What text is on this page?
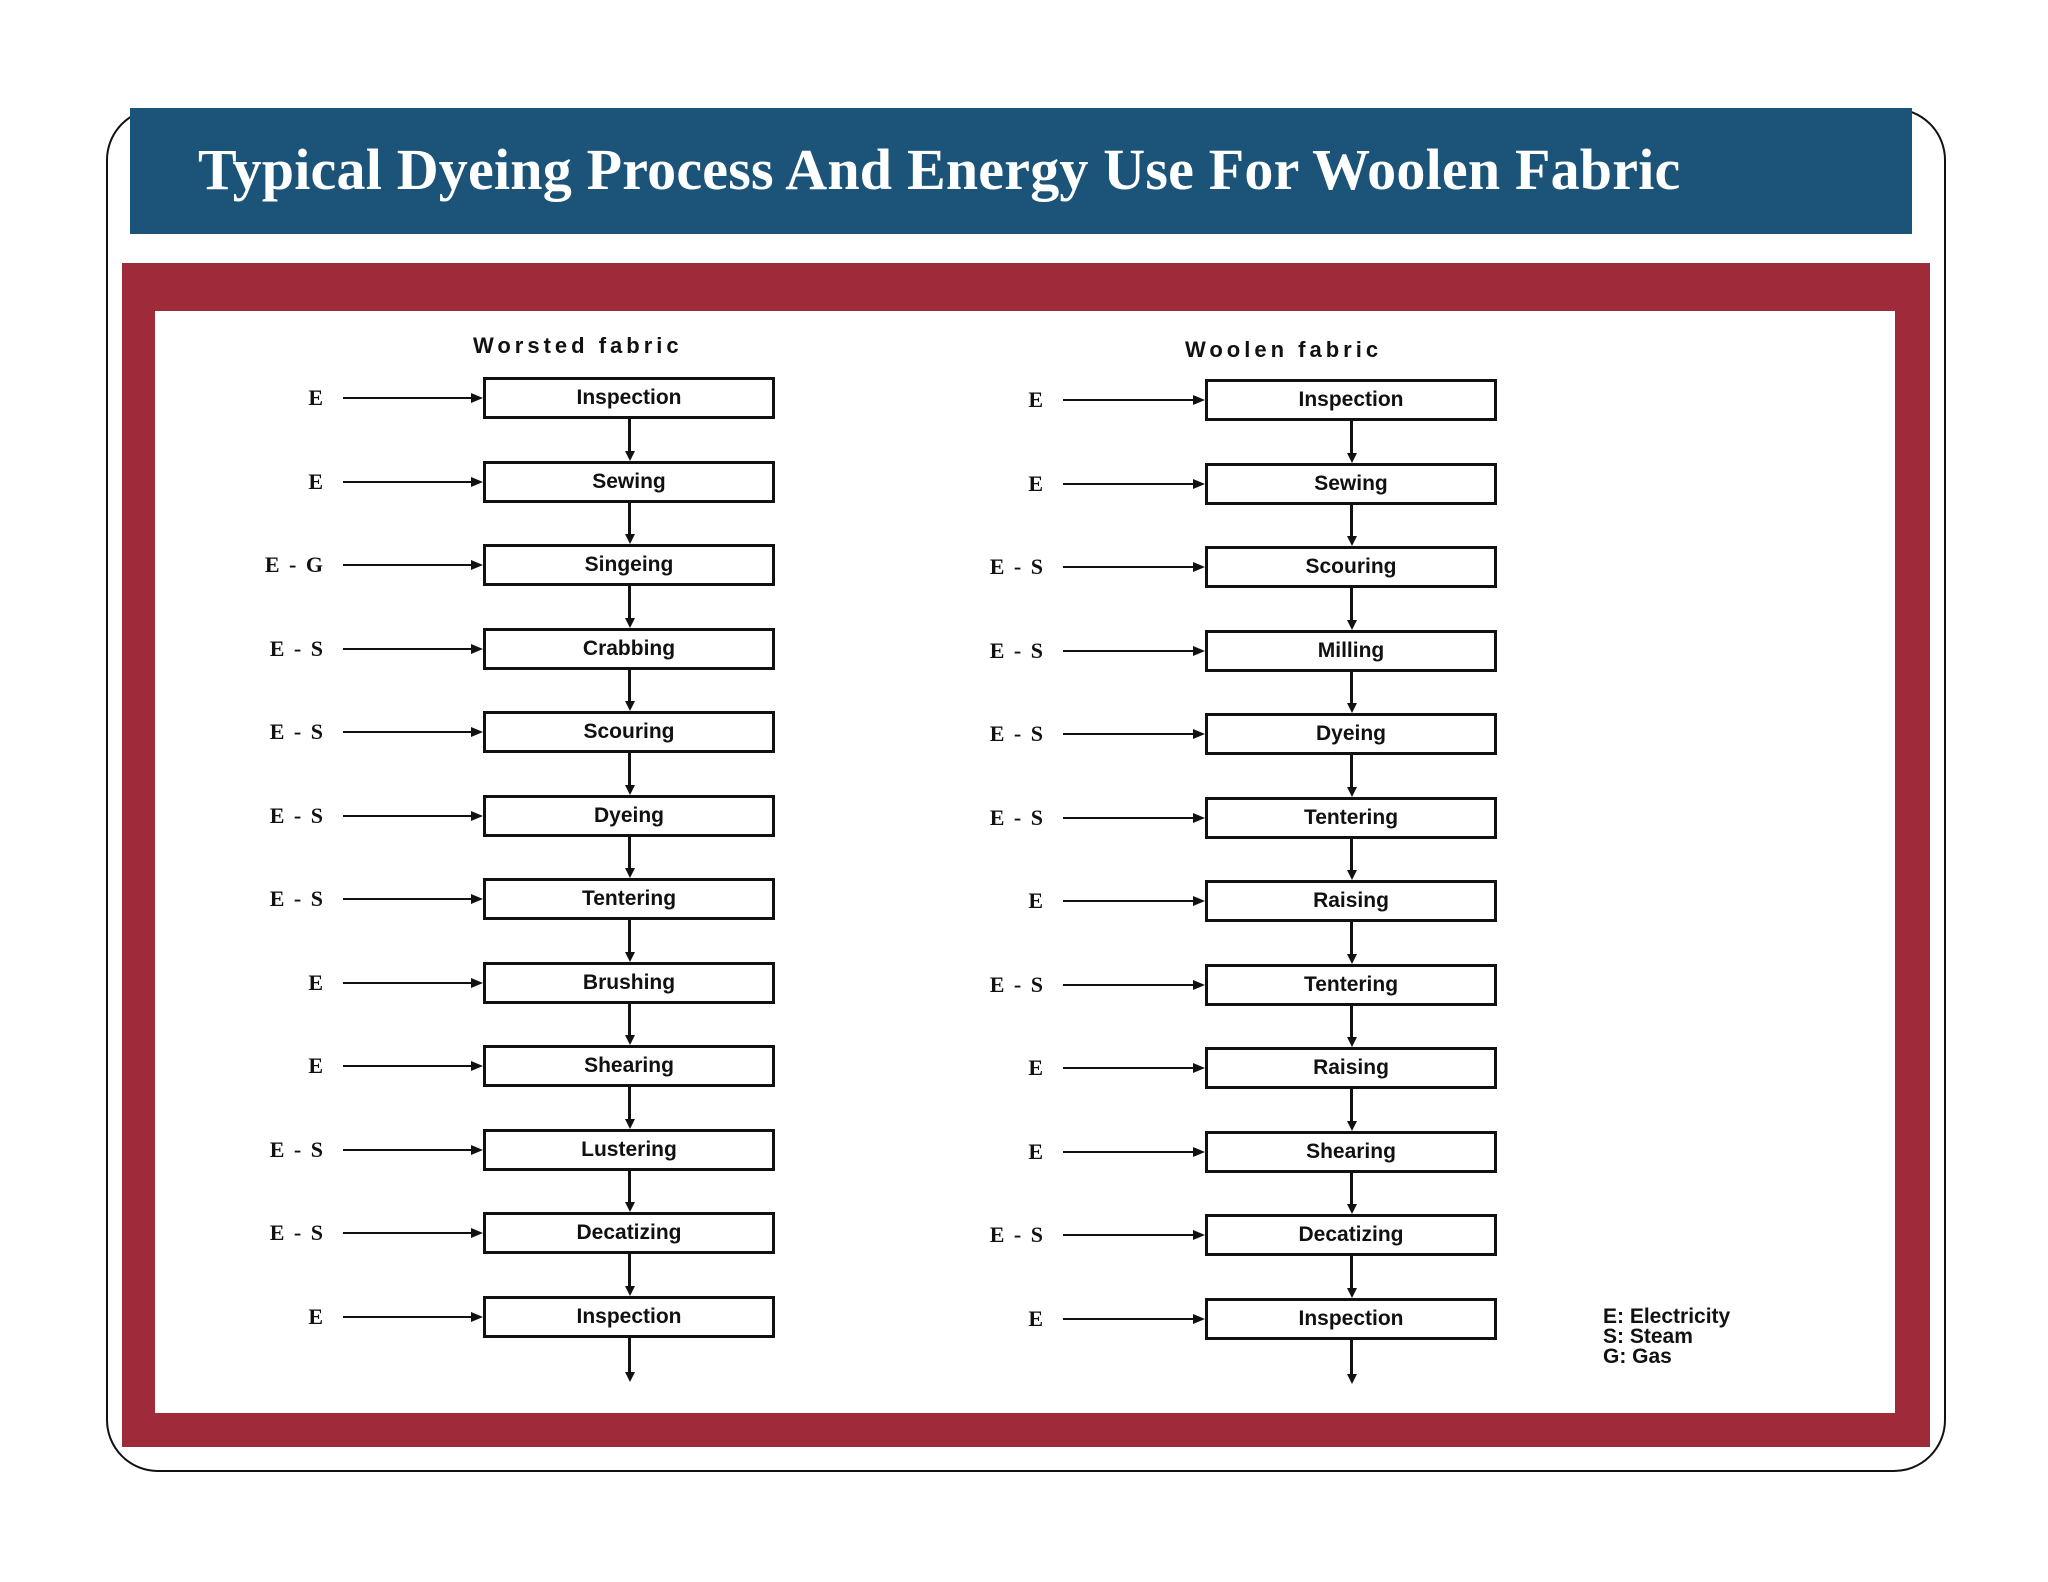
Typical Dyeing Process And Energy Use For Woolen Fabric
Worsted fabric	Woolen fabric
Inspection
E
Sewing
E
Singeing
E - G
Crabbing
E - S
Scouring
E - S
Dyeing
E - S
Tentering
E - S
Brushing
E
Shearing
E
Lustering
E - S
Decatizing
E - S
Inspection
E
Inspection
E
Sewing
E
Scouring
E - S
Milling
E - S
Dyeing
E - S
Tentering
E - S
Raising
E
Tentering
E - S
Raising
E
Shearing
E
Decatizing
E - S
Inspection
E	E: Electricity
S: Steam
G: Gas
